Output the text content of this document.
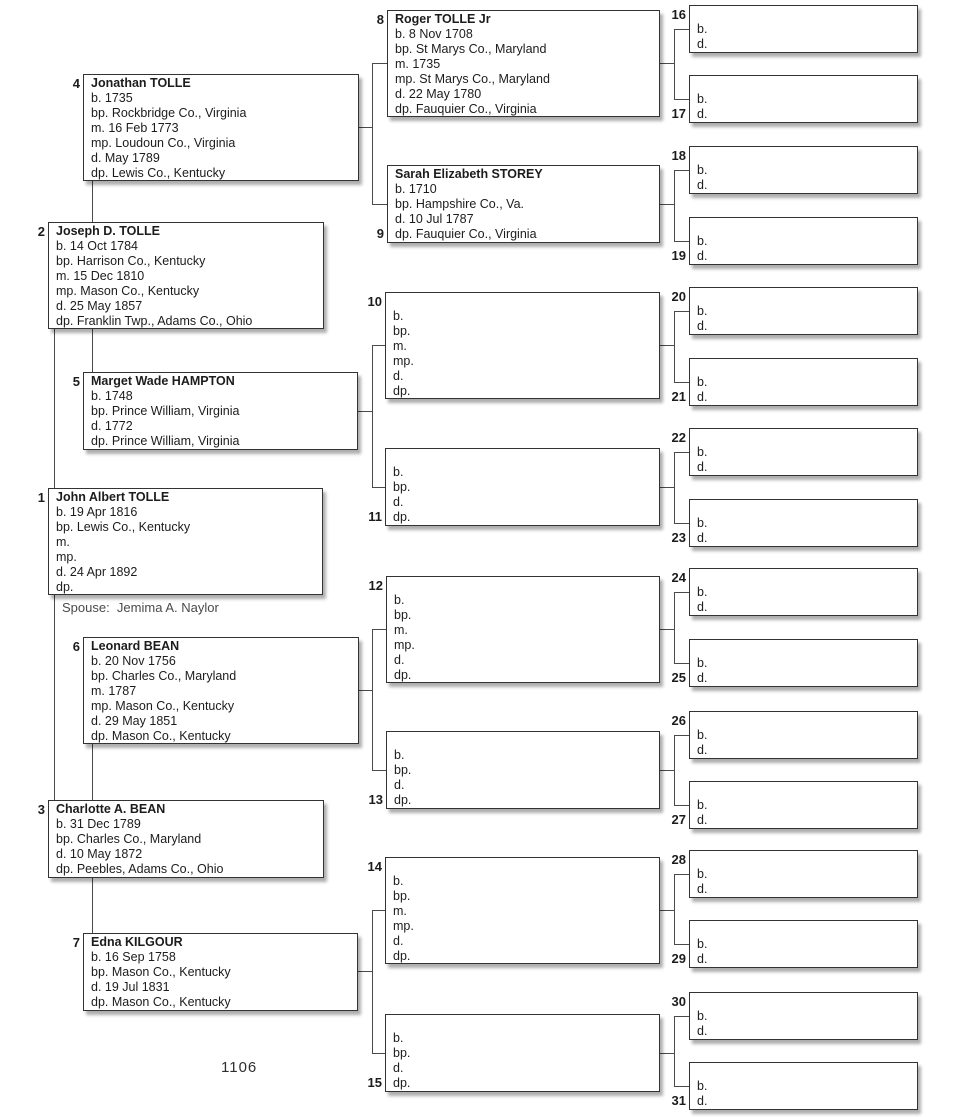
1 John Albert TOLLE
b. 19 Apr 1816
bp. Lewis Co., Kentucky
m.
mp.
d. 24 Apr 1892
dp.
2 Joseph D. TOLLE
b. 14 Oct 1784
bp. Harrison Co., Kentucky
m. 15 Dec 1810
mp. Mason Co., Kentucky
d. 25 May 1857
dp. Franklin Twp., Adams Co., Ohio
3 Charlotte A. BEAN
b. 31 Dec 1789
bp. Charles Co., Maryland
d. 10 May 1872
dp. Peebles, Adams Co., Ohio
4 Jonathan TOLLE
b. 1735
bp. Rockbridge Co., Virginia
m. 16 Feb 1773
mp. Loudoun Co., Virginia
d. May 1789
dp. Lewis Co., Kentucky
5 Marget Wade HAMPTON
b. 1748
bp. Prince William, Virginia
d. 1772
dp. Prince William, Virginia
6 Leonard BEAN
b. 20 Nov 1756
bp. Charles Co., Maryland
m. 1787
mp. Mason Co., Kentucky
d. 29 May 1851
dp. Mason Co., Kentucky
7 Edna KILGOUR
b. 16 Sep 1758
bp. Mason Co., Kentucky
d. 19 Jul 1831
dp. Mason Co., Kentucky
8 Roger TOLLE Jr
b. 8 Nov 1708
bp. St Marys Co., Maryland
m. 1735
mp. St Marys Co., Maryland
d. 22 May 1780
dp. Fauquier Co., Virginia
9
Sarah Elizabeth STOREY
b. 1710
bp. Hampshire Co., Va.
d. 10 Jul 1787
dp. Fauquier Co., Virginia
10
b.
bp.
m.
mp.
d.
dp.
11
b.
bp.
d.
dp.
12
b.
bp.
m.
mp.
d.
dp.
13
b.
bp.
d.
dp.
14
b.
bp.
m.
mp.
d.
dp.
15
b.
bp.
d.
dp.
16
b.
d.
17
b.
d.
18
b.
d.
19
b.
d.
20
b.
d.
21
b.
d.
22
b.
d.
23
b.
d.
24
b.
d.
25
b.
d.
26
b.
d.
27
b.
d.
28
b.
d.
29
b.
d.
30
b.
d.
31
b.
d.
Spouse:  Jemima A. Naylor
1106
